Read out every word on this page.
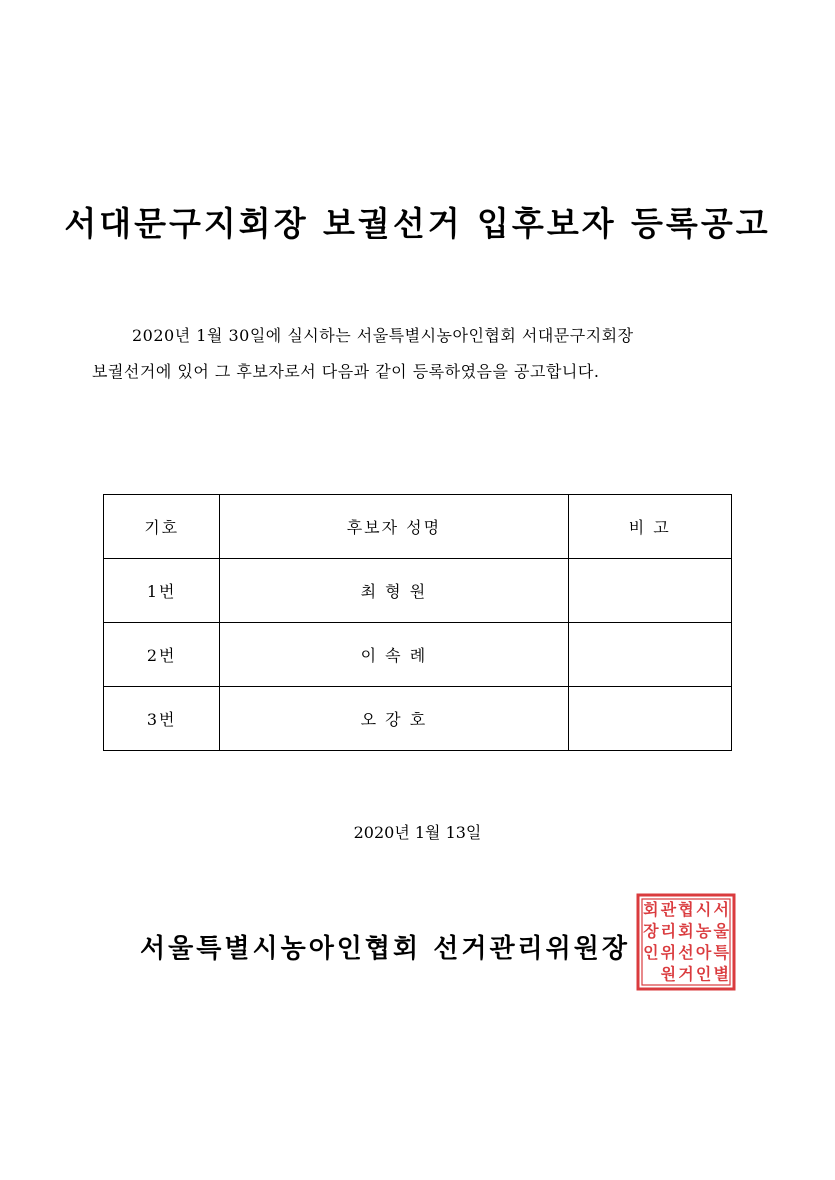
서대문구지회장 보궐선거 입후보자 등록공고
2020년 1월 30일에 실시하는 서울특별시농아인협회 서대문구지회장
보궐선거에 있어 그 후보자로서 다음과 같이 등록하였음을 공고합니다.
기호	후보자 성명	비 고
1번	최 형 원	
2번	이 속 례	
3번	오 강 호	
2020년 1월 13일
서울특별시농아인협회 선거관리위원장
서
울
특
별
시
농
아
인
협
회
선
거
관
리
위
원
회
장
인
